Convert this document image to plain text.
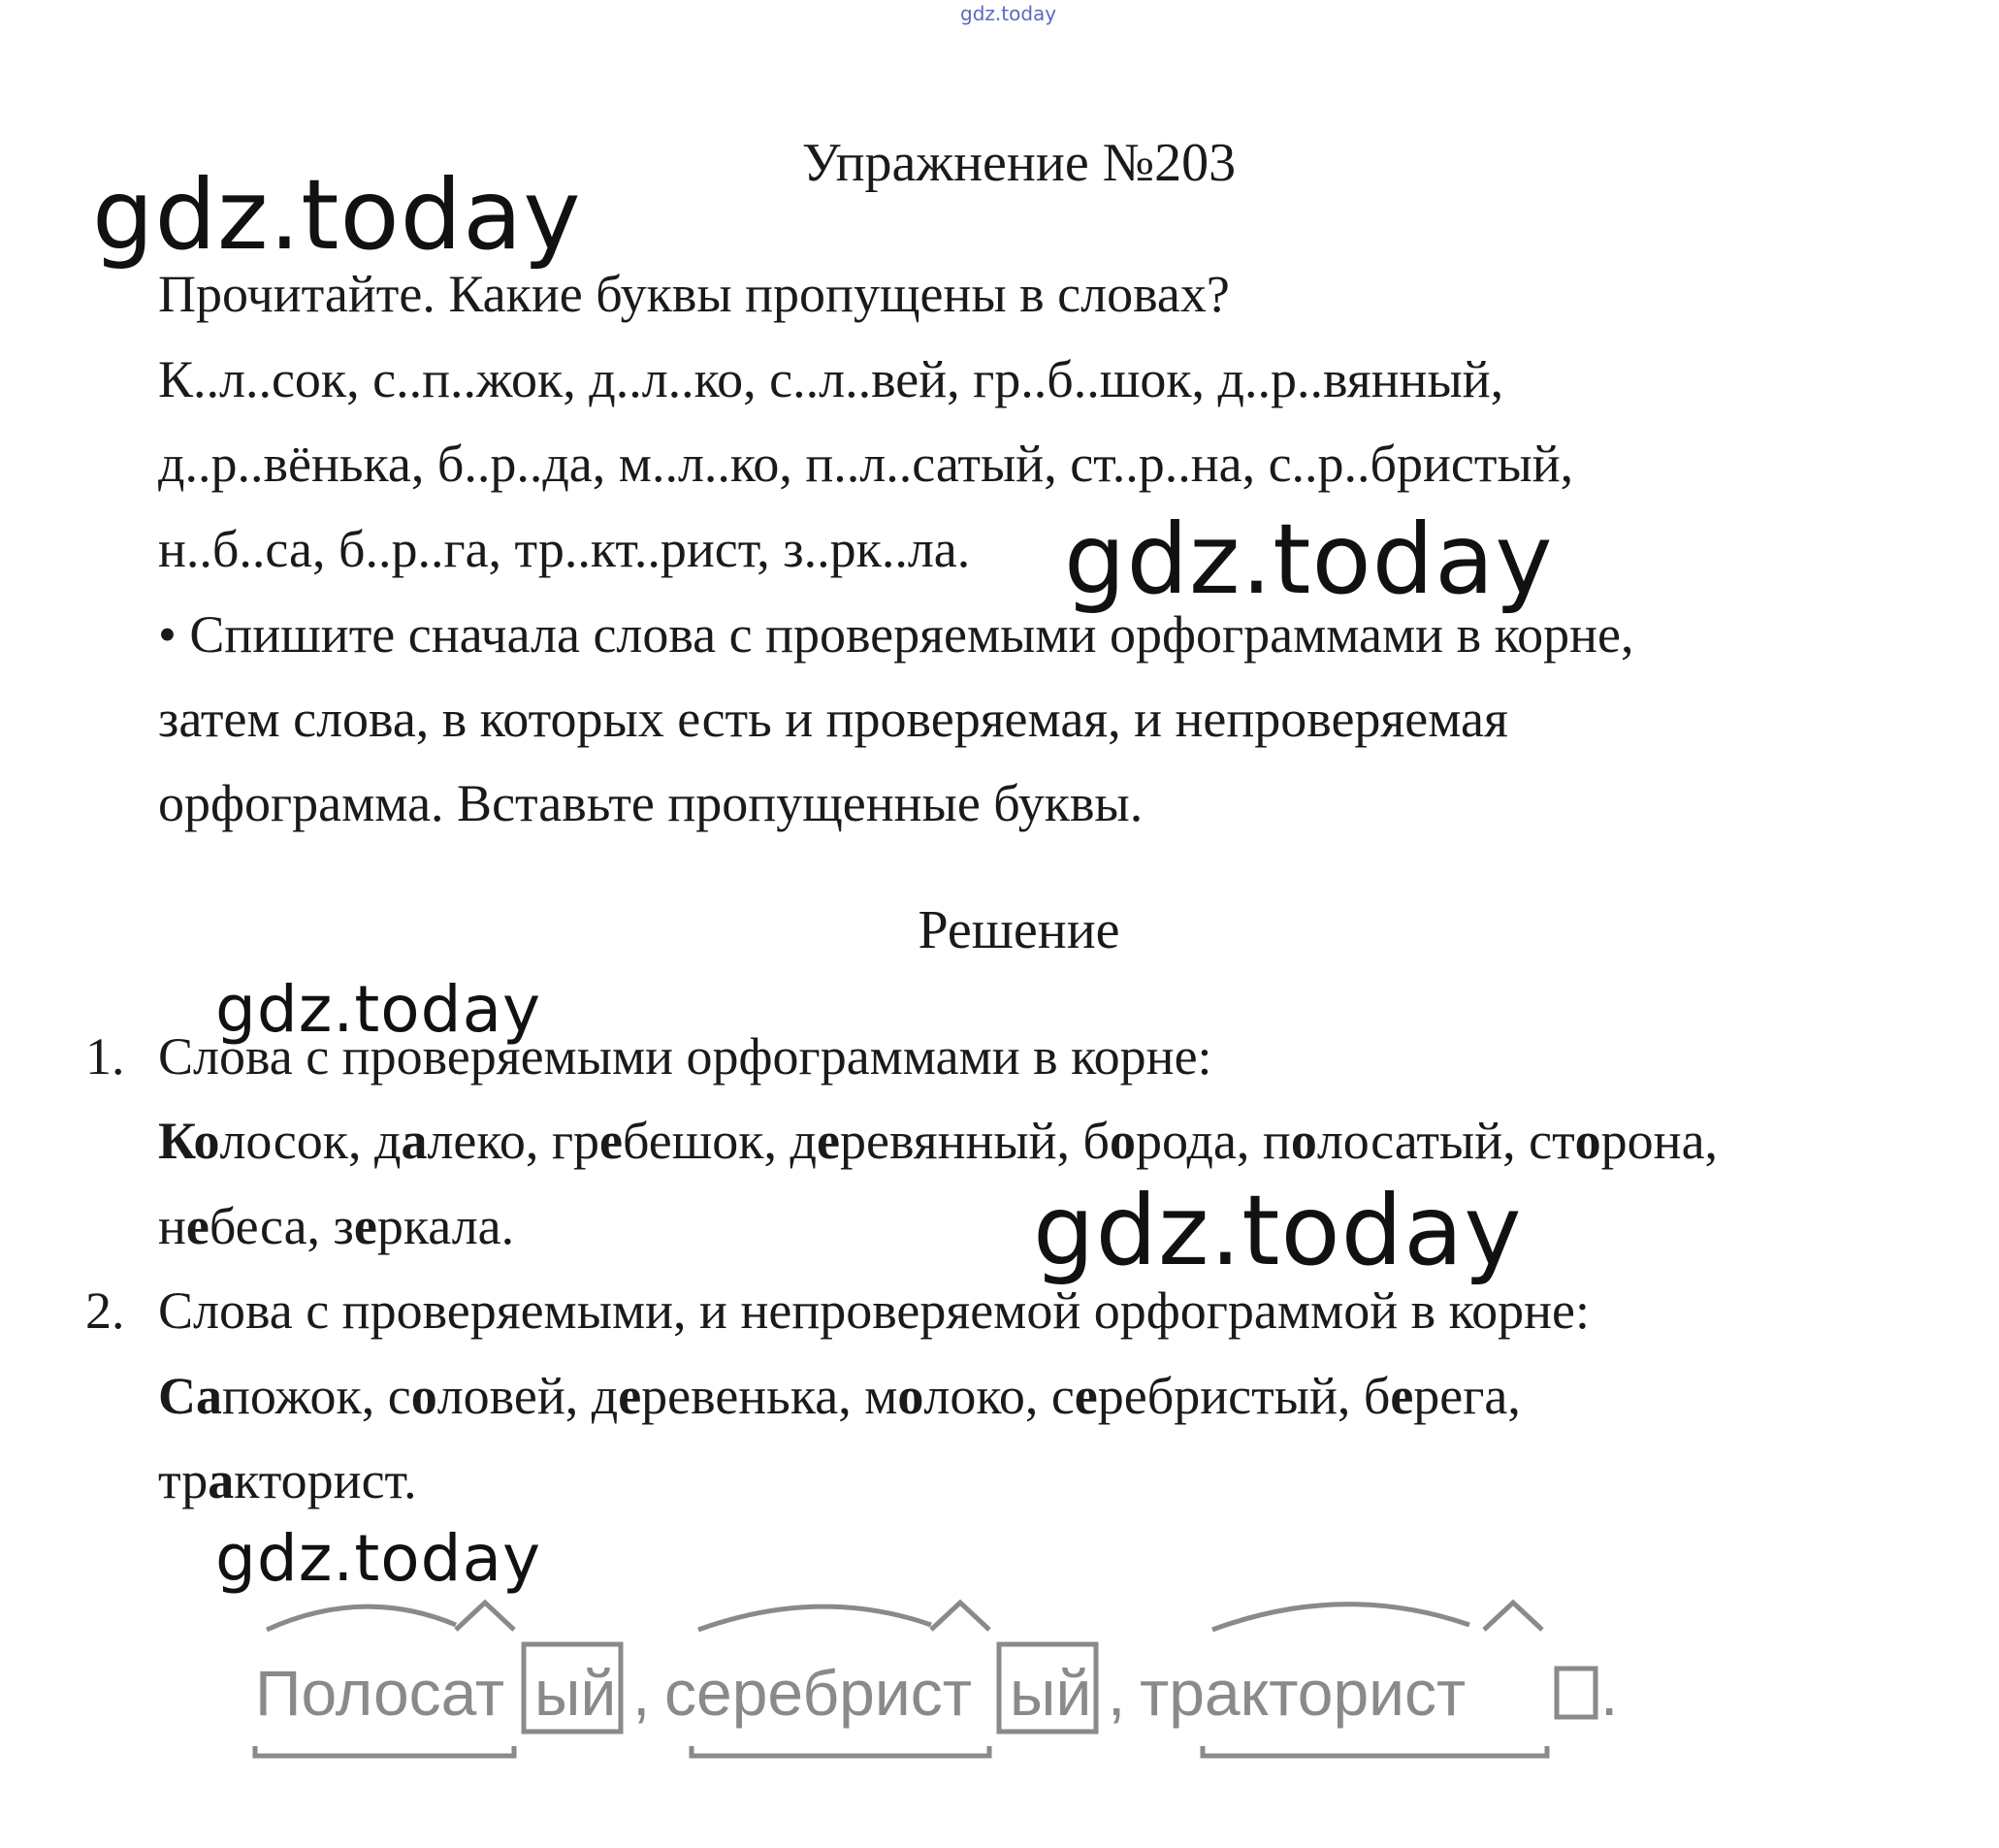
gdz.today
gdz.today
gdz.today
gdz.today
gdz.today
gdz.today
Упражнение №203
Прочитайте. Какие буквы пропущены в словах?
К..л..сок, с..п..жок, д..л..ко, с..л..вей, гр..б..шок, д..р..вянный,
д..р..вёнька, б..р..да, м..л..ко, п..л..сатый, ст..р..на, с..р..бристый,
н..б..са, б..р..га, тр..кт..рист, з..рк..ла.
• Спишите сначала слова с проверяемыми орфограммами в корне,
затем слова, в которых есть и проверяемая, и непроверяемая
орфограмма. Вставьте пропущенные буквы.
Решение
1. Слова с проверяемыми орфограммами в корне:
Колосок, далеко, гребешок, деревянный, борода, полосатый, сторона,
небеса, зеркала.
2. Слова с проверяемыми, и непроверяемой орфограммой в корне:
Сапожок, соловей, деревенька, молоко, серебристый, берега,
тракторист.
Полосат ый , серебрист ый , тракторист .
